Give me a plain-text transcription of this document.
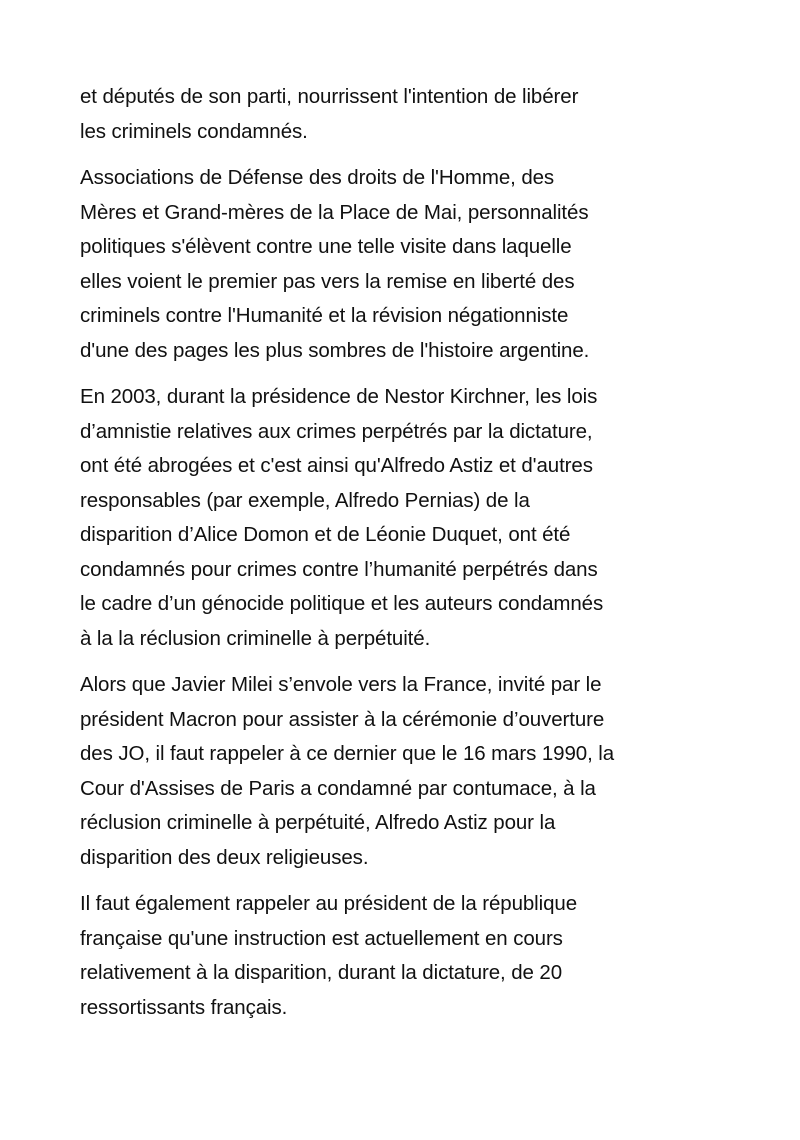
et députés de son parti, nourrissent l'intention de libérer
les criminels condamnés.

Associations de Défense des droits de l'Homme, des
Mères et Grand-mères de la Place de Mai, personnalités
politiques s'élèvent contre une telle visite dans laquelle
elles voient le premier pas vers la remise en liberté des
criminels contre l'Humanité et la révision négationniste
d'une des pages les plus sombres de l'histoire argentine.

En 2003, durant la présidence de Nestor Kirchner, les lois
d’amnistie relatives aux crimes perpétrés par la dictature,
ont été abrogées et c'est ainsi qu'Alfredo Astiz et d'autres
responsables (par exemple, Alfredo Pernias) de la
disparition d’Alice Domon et de Léonie Duquet, ont été
condamnés pour crimes contre l’humanité perpétrés dans
le cadre d’un génocide politique et les auteurs condamnés
à la la réclusion criminelle à perpétuité.

Alors que Javier Milei s’envole vers la France, invité par le
président Macron pour assister à la cérémonie d’ouverture
des JO, il faut rappeler à ce dernier que le 16 mars 1990, la
Cour d'Assises de Paris a condamné par contumace, à la
réclusion criminelle à perpétuité, Alfredo Astiz pour la
disparition des deux religieuses.

Il faut également rappeler au président de la république
française qu'une instruction est actuellement en cours
relativement à la disparition, durant la dictature, de 20
ressortissants français.
